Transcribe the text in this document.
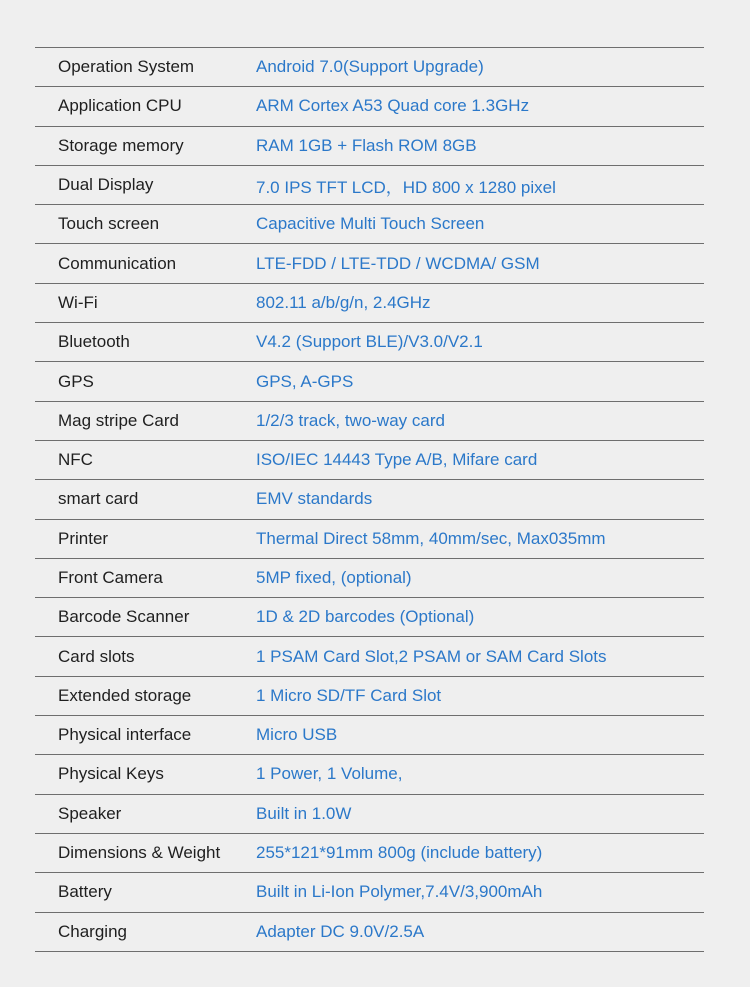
Operation System	Android 7.0(Support Upgrade)
Application CPU	ARM Cortex A53 Quad core 1.3GHz
Storage memory	RAM 1GB + Flash ROM 8GB
Dual Display	7.0 IPS TFT LCD，HD 800 x 1280 pixel
Touch screen	Capacitive Multi Touch Screen
Communication	LTE-FDD / LTE-TDD / WCDMA/ GSM
Wi-Fi	802.11 a/b/g/n, 2.4GHz
Bluetooth	V4.2 (Support BLE)/V3.0/V2.1
GPS	GPS, A-GPS
Mag stripe Card	1/2/3 track, two-way card
NFC	ISO/IEC 14443 Type A/B, Mifare card
smart card	EMV standards
Printer	Thermal Direct 58mm, 40mm/sec, Max035mm
Front Camera	5MP fixed, (optional)
Barcode Scanner	1D & 2D barcodes (Optional)
Card slots	1 PSAM Card Slot,2 PSAM or SAM Card Slots
Extended storage	1 Micro SD/TF Card Slot
Physical interface	Micro USB
Physical Keys	1 Power, 1 Volume,
Speaker	Built in 1.0W
Dimensions & Weight	255*121*91mm 800g (include battery)
Battery	Built in Li-Ion Polymer,7.4V/3,900mAh
Charging	Adapter DC 9.0V/2.5A
